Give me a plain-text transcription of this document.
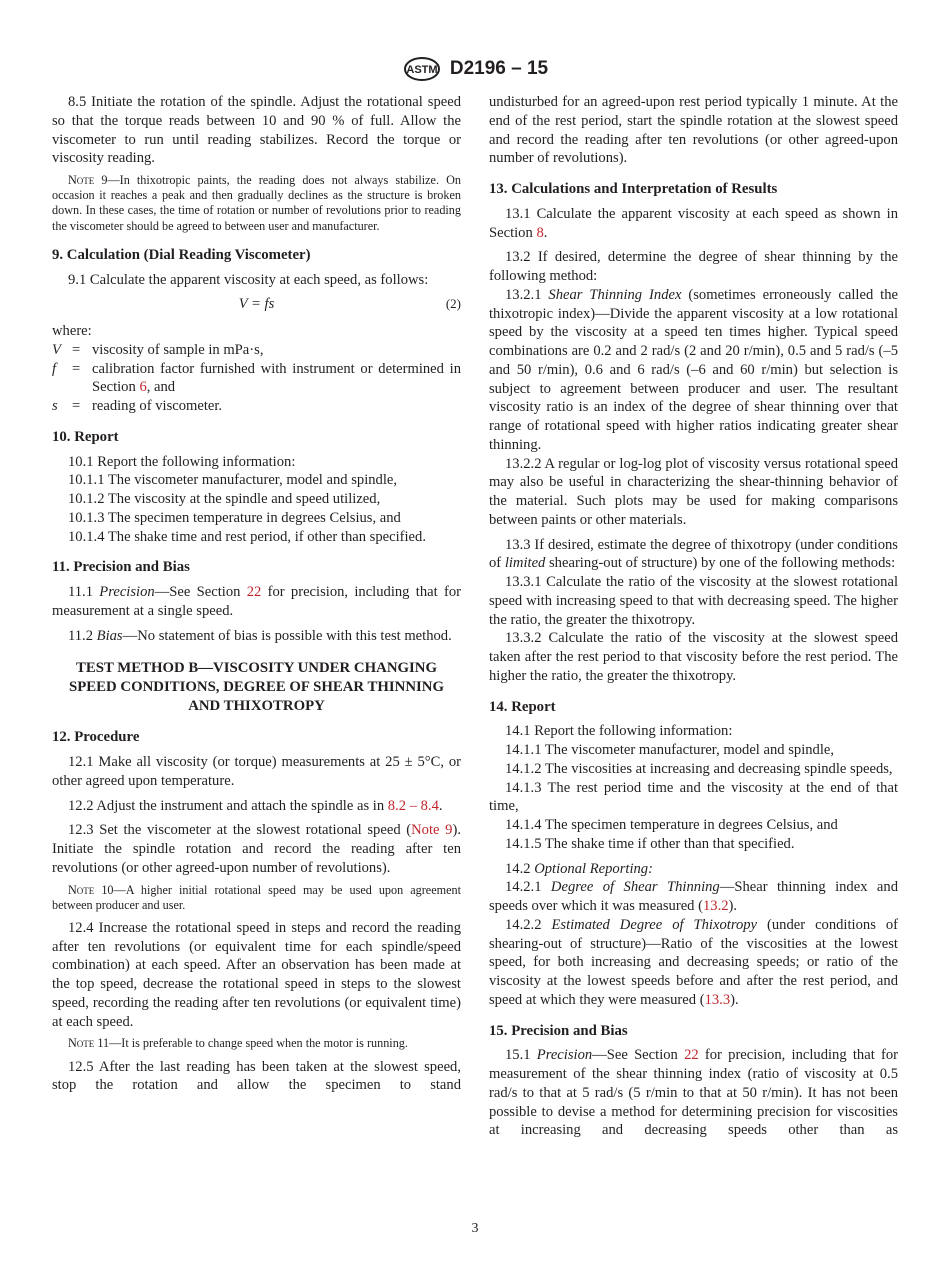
ASTM D2196 – 15
8.5 Initiate the rotation of the spindle. Adjust the rotational speed so that the torque reads between 10 and 90 % of full. Allow the viscometer to run until reading stabilizes. Record the torque or viscosity reading.
Note 9—In thixotropic paints, the reading does not always stabilize. On occasion it reaches a peak and then gradually declines as the structure is broken down. In these cases, the time of rotation or number of revolutions prior to reading the viscometer should be agreed to between user and manufacturer.
9. Calculation (Dial Reading Viscometer)
9.1 Calculate the apparent viscosity at each speed, as follows:
V = fs	(2)
where:
V = viscosity of sample in mPa·s,
f	= calibration factor furnished with instrument or determined in Section 6, and
s = reading of viscometer.
10. Report
10.1 Report the following information:
10.1.1 The viscometer manufacturer, model and spindle,
10.1.2 The viscosity at the spindle and speed utilized,
10.1.3 The specimen temperature in degrees Celsius, and
10.1.4 The shake time and rest period, if other than specified.
11. Precision and Bias
11.1 Precision—See Section 22 for precision, including that for measurement at a single speed.
11.2 Bias—No statement of bias is possible with this test method.
TEST METHOD B—VISCOSITY UNDER CHANGING SPEED CONDITIONS, DEGREE OF SHEAR THINNING AND THIXOTROPY
12. Procedure
12.1 Make all viscosity (or torque) measurements at 25 ± 5°C, or other agreed upon temperature.
12.2 Adjust the instrument and attach the spindle as in 8.2 – 8.4.
12.3 Set the viscometer at the slowest rotational speed (Note 9). Initiate the spindle rotation and record the reading after ten revolutions (or other agreed-upon number of revolutions).
Note 10—A higher initial rotational speed may be used upon agreement between producer and user.
12.4 Increase the rotational speed in steps and record the reading after ten revolutions (or equivalent time for each spindle/speed combination) at each speed. After an observation has been made at the top speed, decrease the rotational speed in steps to the slowest speed, recording the reading after ten revolutions (or equivalent time) at each speed.
Note 11—It is preferable to change speed when the motor is running.
12.5 After the last reading has been taken at the slowest speed, stop the rotation and allow the specimen to stand
undisturbed for an agreed-upon rest period typically 1 minute. At the end of the rest period, start the spindle rotation at the slowest speed and record the reading after ten revolutions (or other agreed-upon number of revolutions).
13. Calculations and Interpretation of Results
13.1 Calculate the apparent viscosity at each speed as shown in Section 8.
13.2 If desired, determine the degree of shear thinning by the following method:
13.2.1 Shear Thinning Index (sometimes erroneously called the thixotropic index)—Divide the apparent viscosity at a low rotational speed by the viscosity at a speed ten times higher. Typical speed combinations are 0.2 and 2 rad/s (2 and 20 r/min), 0.5 and 5 rad/s (–5 and 50 r/min), 0.6 and 6 rad/s (–6 and 60 r/min) but selection is subject to agreement between producer and user. The resultant viscosity ratio is an index of the degree of shear thinning over that range of rotational speed with higher ratios indicating greater shear thinning.
13.2.2 A regular or log-log plot of viscosity versus rotational speed may also be useful in characterizing the shear-thinning behavior of the material. Such plots may be used for making comparisons between paints or other materials.
13.3 If desired, estimate the degree of thixotropy (under conditions of limited shearing-out of structure) by one of the following methods:
13.3.1 Calculate the ratio of the viscosity at the slowest rotational speed with increasing speed to that with decreasing speed. The higher the ratio, the greater the thixotropy.
13.3.2 Calculate the ratio of the viscosity at the slowest speed taken after the rest period to that viscosity before the rest period. The higher the ratio, the greater the thixotropy.
14. Report
14.1 Report the following information:
14.1.1 The viscometer manufacturer, model and spindle,
14.1.2 The viscosities at increasing and decreasing spindle speeds,
14.1.3 The rest period time and the viscosity at the end of that time,
14.1.4 The specimen temperature in degrees Celsius, and
14.1.5 The shake time if other than that specified.
14.2 Optional Reporting:
14.2.1 Degree of Shear Thinning—Shear thinning index and speeds over which it was measured (13.2).
14.2.2 Estimated Degree of Thixotropy (under conditions of shearing-out of structure)—Ratio of the viscosities at the lowest speed, for both increasing and decreasing speeds; or ratio of the viscosity at the lowest speeds before and after the rest period, and speed at which they were measured (13.3).
15. Precision and Bias
15.1 Precision—See Section 22 for precision, including that for measurement of the shear thinning index (ratio of viscosity at 0.5 rad/s to that at 5 rad/s (5 r/min to that at 50 r/min). It has not been possible to devise a method for determining precision for viscosities at increasing and decreasing speeds other than as
3
